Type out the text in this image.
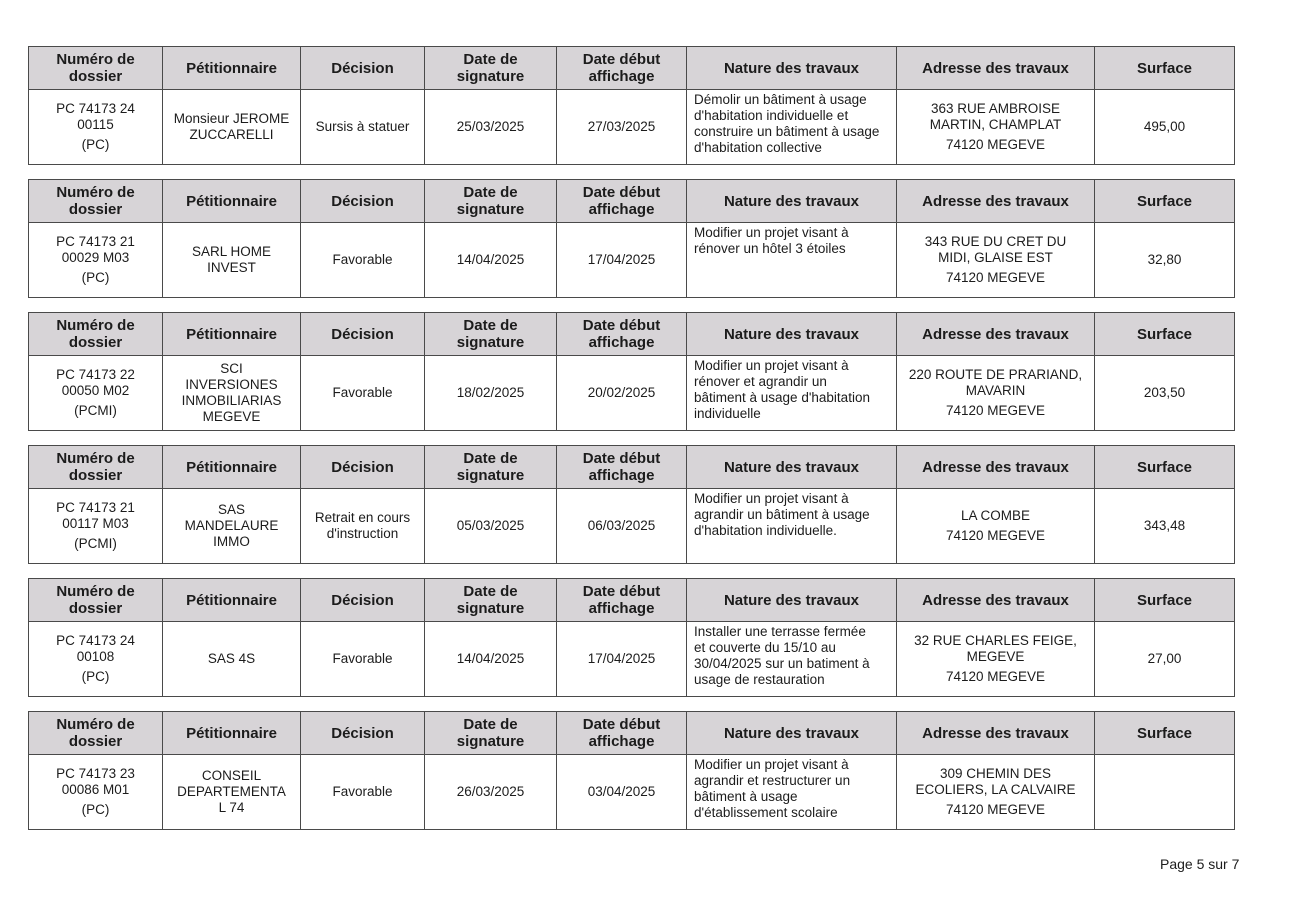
Numéro de
dossier	Pétitionnaire	Décision	Date de
signature	Date début
affichage	Nature des travaux	Adresse des travaux	Surface

PC 74173 24
00115
(PC)	Monsieur JEROME
ZUCCARELLI	Sursis à statuer	25/03/2025	27/03/2025	Démolir un bâtiment à usage
d'habitation individuelle et
construire un bâtiment à usage
d'habitation collective	363 RUE AMBROISE
MARTIN, CHAMPLAT
74120 MEGEVE	495,00
Numéro de
dossier	Pétitionnaire	Décision	Date de
signature	Date début
affichage	Nature des travaux	Adresse des travaux	Surface

PC 74173 21
00029 M03
(PC)	SARL HOME
INVEST	Favorable	14/04/2025	17/04/2025	Modifier un projet visant à
rénover un hôtel 3 étoiles	343 RUE DU CRET DU
MIDI, GLAISE EST
74120 MEGEVE	32,80
Numéro de
dossier	Pétitionnaire	Décision	Date de
signature	Date début
affichage	Nature des travaux	Adresse des travaux	Surface

PC 74173 22
00050 M02
(PCMI)	SCI
INVERSIONES
INMOBILIARIAS
MEGEVE	Favorable	18/02/2025	20/02/2025	Modifier un projet visant à
rénover et agrandir un
bâtiment à usage d'habitation
individuelle	220 ROUTE DE PRARIAND,
MAVARIN
74120 MEGEVE	203,50
Numéro de
dossier	Pétitionnaire	Décision	Date de
signature	Date début
affichage	Nature des travaux	Adresse des travaux	Surface

PC 74173 21
00117 M03
(PCMI)	SAS
MANDELAURE
IMMO	Retrait en cours
d'instruction	05/03/2025	06/03/2025	Modifier un projet visant à
agrandir un bâtiment à usage
d'habitation individuelle.	LA COMBE
74120 MEGEVE	343,48
Numéro de
dossier	Pétitionnaire	Décision	Date de
signature	Date début
affichage	Nature des travaux	Adresse des travaux	Surface

PC 74173 24
00108
(PC)	SAS 4S	Favorable	14/04/2025	17/04/2025	Installer une terrasse fermée
et couverte du 15/10 au
30/04/2025 sur un batiment à
usage de restauration	32 RUE CHARLES FEIGE,
MEGEVE
74120 MEGEVE	27,00
Numéro de
dossier	Pétitionnaire	Décision	Date de
signature	Date début
affichage	Nature des travaux	Adresse des travaux	Surface

PC 74173 23
00086 M01
(PC)	CONSEIL
DEPARTEMENTA
L 74	Favorable	26/03/2025	03/04/2025	Modifier un projet visant à
agrandir et restructurer un
bâtiment à usage
d'établissement scolaire	309 CHEMIN DES
ECOLIERS, LA CALVAIRE
74120 MEGEVE	

Page 5 sur 7
